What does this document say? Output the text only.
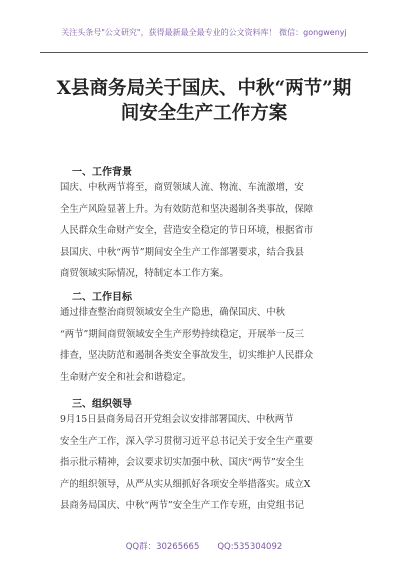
关注头条号"公文研究"，获得最新最全最专业的公文资料库！ 微信：gongwenyj
X县商务局关于国庆、中秋“两节”期
间安全生产工作方案
一、工作背景
国庆、中秋两节将至，商贸领域人流、物流、车流激增，安
全生产风险显著上升。为有效防范和坚决遏制各类事故，保障
人民群众生命财产安全，营造安全稳定的节日环境，根据省市
县国庆、中秋“两节”期间安全生产工作部署要求，结合我县
商贸领域实际情况，特制定本工作方案。
二、工作目标
通过排查整治商贸领域安全生产隐患，确保国庆、中秋
“两节”期间商贸领域安全生产形势持续稳定，开展举一反三
排查，坚决防范和遏制各类安全事故发生，切实维护人民群众
生命财产安全和社会和谐稳定。
三、组织领导
9月15日县商务局召开党组会议安排部署国庆、中秋两节
安全生产工作，深入学习贯彻习近平总书记关于安全生产重要
指示批示精神，会议要求切实加强中秋、国庆“两节”安全生
产的组织领导，从严从实从细抓好各项安全举措落实。成立X
县商务局国庆、中秋“两节”安全生产工作专班，由党组书记
QQ群：30265665 QQ:535304092
